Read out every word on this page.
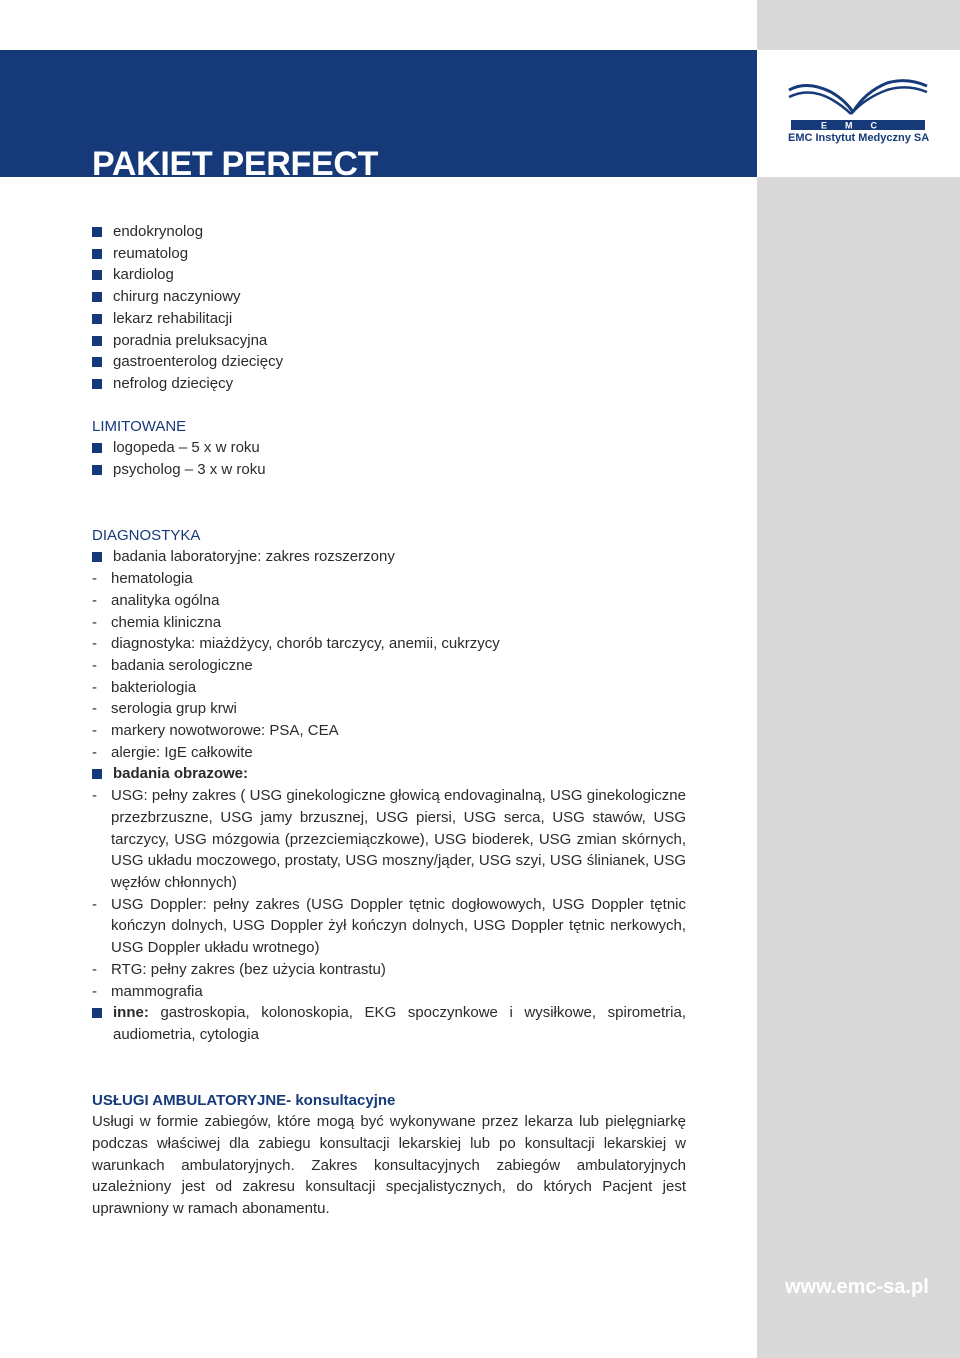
PAKIET PERFECT
EMC
EMC Instytut Medyczny SA
endokrynolog
reumatolog
kardiolog
chirurg naczyniowy
lekarz rehabilitacji
poradnia preluksacyjna
gastroenterolog dziecięcy
nefrolog dziecięcy
LIMITOWANE
logopeda – 5 x w roku
psycholog – 3 x w roku
DIAGNOSTYKA
badania laboratoryjne: zakres rozszerzony
- hematologia
- analityka ogólna
- chemia kliniczna
- diagnostyka: miażdżycy, chorób tarczycy, anemii, cukrzycy
- badania serologiczne
- bakteriologia
- serologia grup krwi
- markery nowotworowe: PSA, CEA
- alergie: IgE całkowite
badania obrazowe:
- USG: pełny zakres ( USG ginekologiczne głowicą endovaginalną, USG ginekologiczne przezbrzuszne, USG jamy brzusznej, USG piersi, USG serca, USG stawów, USG tarczycy, USG mózgowia (przezciemiączkowe), USG bioderek, USG zmian skórnych, USG układu moczowego, prostaty, USG moszny/jąder, USG szyi, USG ślinianek, USG węzłów chłonnych)
- USG Doppler: pełny zakres (USG Doppler tętnic dogłowowych, USG Doppler tętnic kończyn dolnych, USG Doppler żył kończyn dolnych, USG Doppler tętnic nerkowych, USG Doppler układu wrotnego)
- RTG: pełny zakres (bez użycia kontrastu)
- mammografia
inne: gastroskopia, kolonoskopia, EKG spoczynkowe i wysiłkowe, spirometria, audiometria, cytologia
USŁUGI AMBULATORYJNE- konsultacyjne

Usługi w formie zabiegów, które mogą być wykonywane przez lekarza lub pielęgniarkę podczas właściwej dla zabiegu konsultacji lekarskiej lub po konsultacji lekarskiej w warunkach ambulatoryjnych. Zakres konsultacyjnych zabiegów ambulatoryjnych uzależniony jest od zakresu konsultacji specjalistycznych, do których Pacjent jest uprawniony w ramach abonamentu.

www.emc-sa.pl
